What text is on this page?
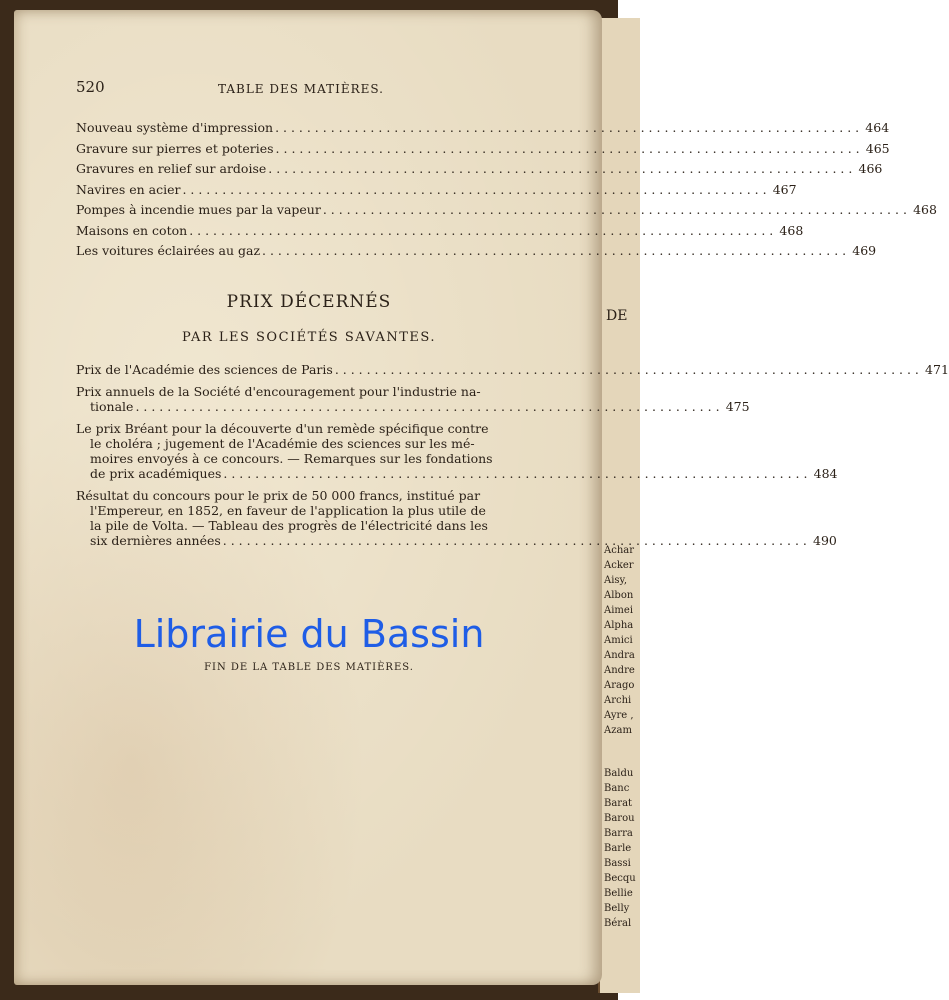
DE
Achar
Acker
Aisy,
Albon
Aimei
Alpha
Amici
Andra
Andre
Arago
Archi
Ayre ,
Azam
Baldu
Banc
Barat
Barou
Barra
Barle
Bassi
Becqu
Bellie
Belly
Béral
520	TABLE DES MATIÈRES.
Nouveau système d'impression . . .	464
Gravure sur pierres et poteries . . .	465
Gravures en relief sur ardoise . . .	466
Navires en acier . . .	467
Pompes à incendie mues par la vapeur . . .	468
Maisons en coton . . .	468
Les voitures éclairées au gaz . . .	469
PRIX DÉCERNÉS
PAR LES SOCIÉTÉS SAVANTES.
Prix de l'Académie des sciences de Paris . . .	471
Prix annuels de la Société d'encouragement pour l'industrie na-
tionale . . .	475
Le prix Bréant pour la découverte d'un remède spécifique contre
le choléra ; jugement de l'Académie des sciences sur les mé-
moires envoyés à ce concours. — Remarques sur les fondations
de prix académiques . . .	484
Résultat du concours pour le prix de 50 000 francs, institué par
l'Empereur, en 1852, en faveur de l'application la plus utile de
la pile de Volta. — Tableau des progrès de l'électricité dans les
six dernières années . . .	490
Librairie du Bassin
FIN DE LA TABLE DES MATIÈRES.
